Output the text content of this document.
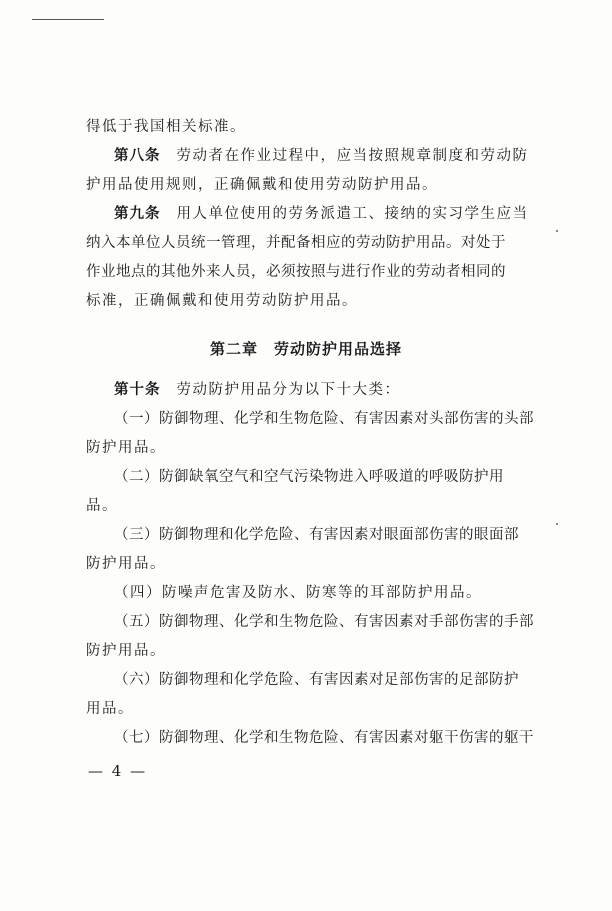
得低于我国相关标准。
第八条　 劳动者在作业过程中，应当按照规章制度和劳动防
护用品使用规则，正确佩戴和使用劳动防护用品。
第九条　 用人单位使用的劳务派遣工、接纳的实习学生应当
纳入本单位人员统一管理，并配备相应的劳动防护用品。对处于
作业地点的其他外来人员，必须按照与进行作业的劳动者相同的
标准，正确佩戴和使用劳动防护用品。
第二章 劳动防护用品选择
第十条　 劳动防护用品分为以下十大类：
（一）防御物理、化学和生物危险、有害因素对头部伤害的头部
防护用品。
（二）防御缺氧空气和空气污染物进入呼吸道的呼吸防护用
品。
（三）防御物理和化学危险、有害因素对眼面部伤害的眼面部
防护用品。
（四）防噪声危害及防水、防寒等的耳部防护用品。
（五）防御物理、化学和生物危险、有害因素对手部伤害的手部
防护用品。
（六）防御物理和化学危险、有害因素对足部伤害的足部防护
用品。
（七）防御物理、化学和生物危险、有害因素对躯干伤害的躯干
— 4 —
